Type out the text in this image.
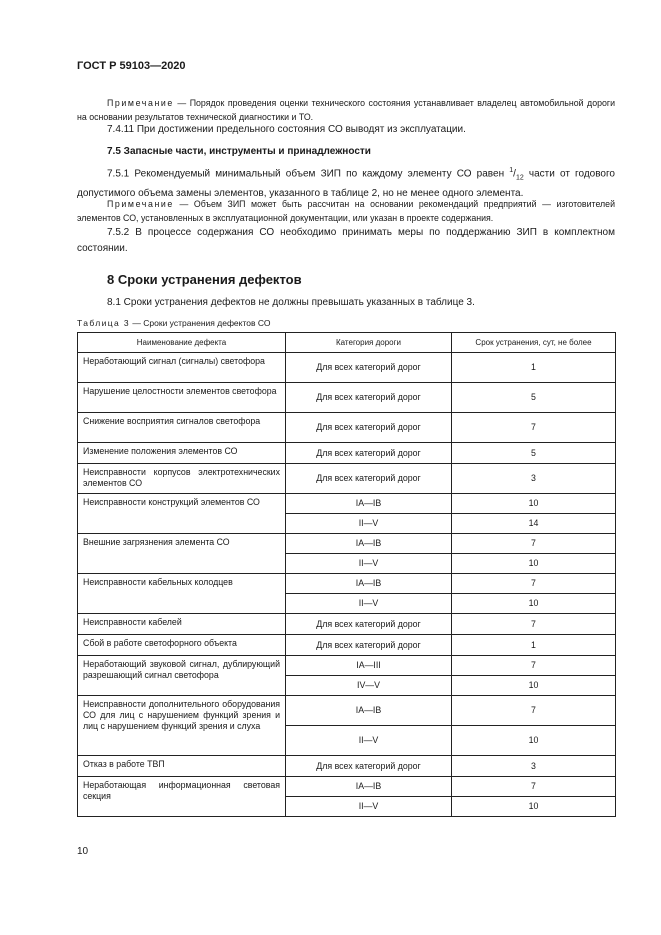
ГОСТ Р 59103—2020
Примечание — Порядок проведения оценки технического состояния устанавливает владелец автомобильной дороги на основании результатов технической диагностики и ТО.
7.4.11 При достижении предельного состояния СО выводят из эксплуатации.
7.5 Запасные части, инструменты и принадлежности
7.5.1 Рекомендуемый минимальный объем ЗИП по каждому элементу СО равен $^1/_{12}$ части от годового допустимого объема замены элементов, указанного в таблице 2, но не менее одного элемента.
Примечание — Объем ЗИП может быть рассчитан на основании рекомендаций предприятий — изготовителей элементов СО, установленных в эксплуатационной документации, или указан в проекте содержания.
7.5.2 В процессе содержания СО необходимо принимать меры по поддержанию ЗИП в комплектном состоянии.
8 Сроки устранения дефектов
8.1 Сроки устранения дефектов не должны превышать указанных в таблице 3.
Таблица 3 — Сроки устранения дефектов СО
Наименование дефекта	Категория дороги	Срок устранения, сут, не более
Неработающий сигнал (сигналы) светофора	Для всех категорий дорог	1
Нарушение целостности элементов светофора	Для всех категорий дорог	5
Снижение восприятия сигналов светофора	Для всех категорий дорог	7
Изменение положения элементов СО	Для всех категорий дорог	5
Неисправности корпусов электротехнических элементов СО	Для всех категорий дорог	3
Неисправности конструкций элементов СО	IA—IB	10
	II—V	14
Внешние загрязнения элемента СО	IA—IB	7
	II—V	10
Неисправности кабельных колодцев	IA—IB	7
	II—V	10
Неисправности кабелей	Для всех категорий дорог	7
Сбой в работе светофорного объекта	Для всех категорий дорог	1
Неработающий звуковой сигнал, дублирующий разрешающий сигнал светофора	IA—III	7
	IV—V	10
Неисправности дополнительного оборудования СО для лиц с нарушением функций зрения и лиц с нарушением функций зрения и слуха	IA—IB	7
	II—V	10
Отказ в работе ТВП	Для всех категорий дорог	3
Неработающая информационная световая секция	IA—IB	7
	II—V	10
10
